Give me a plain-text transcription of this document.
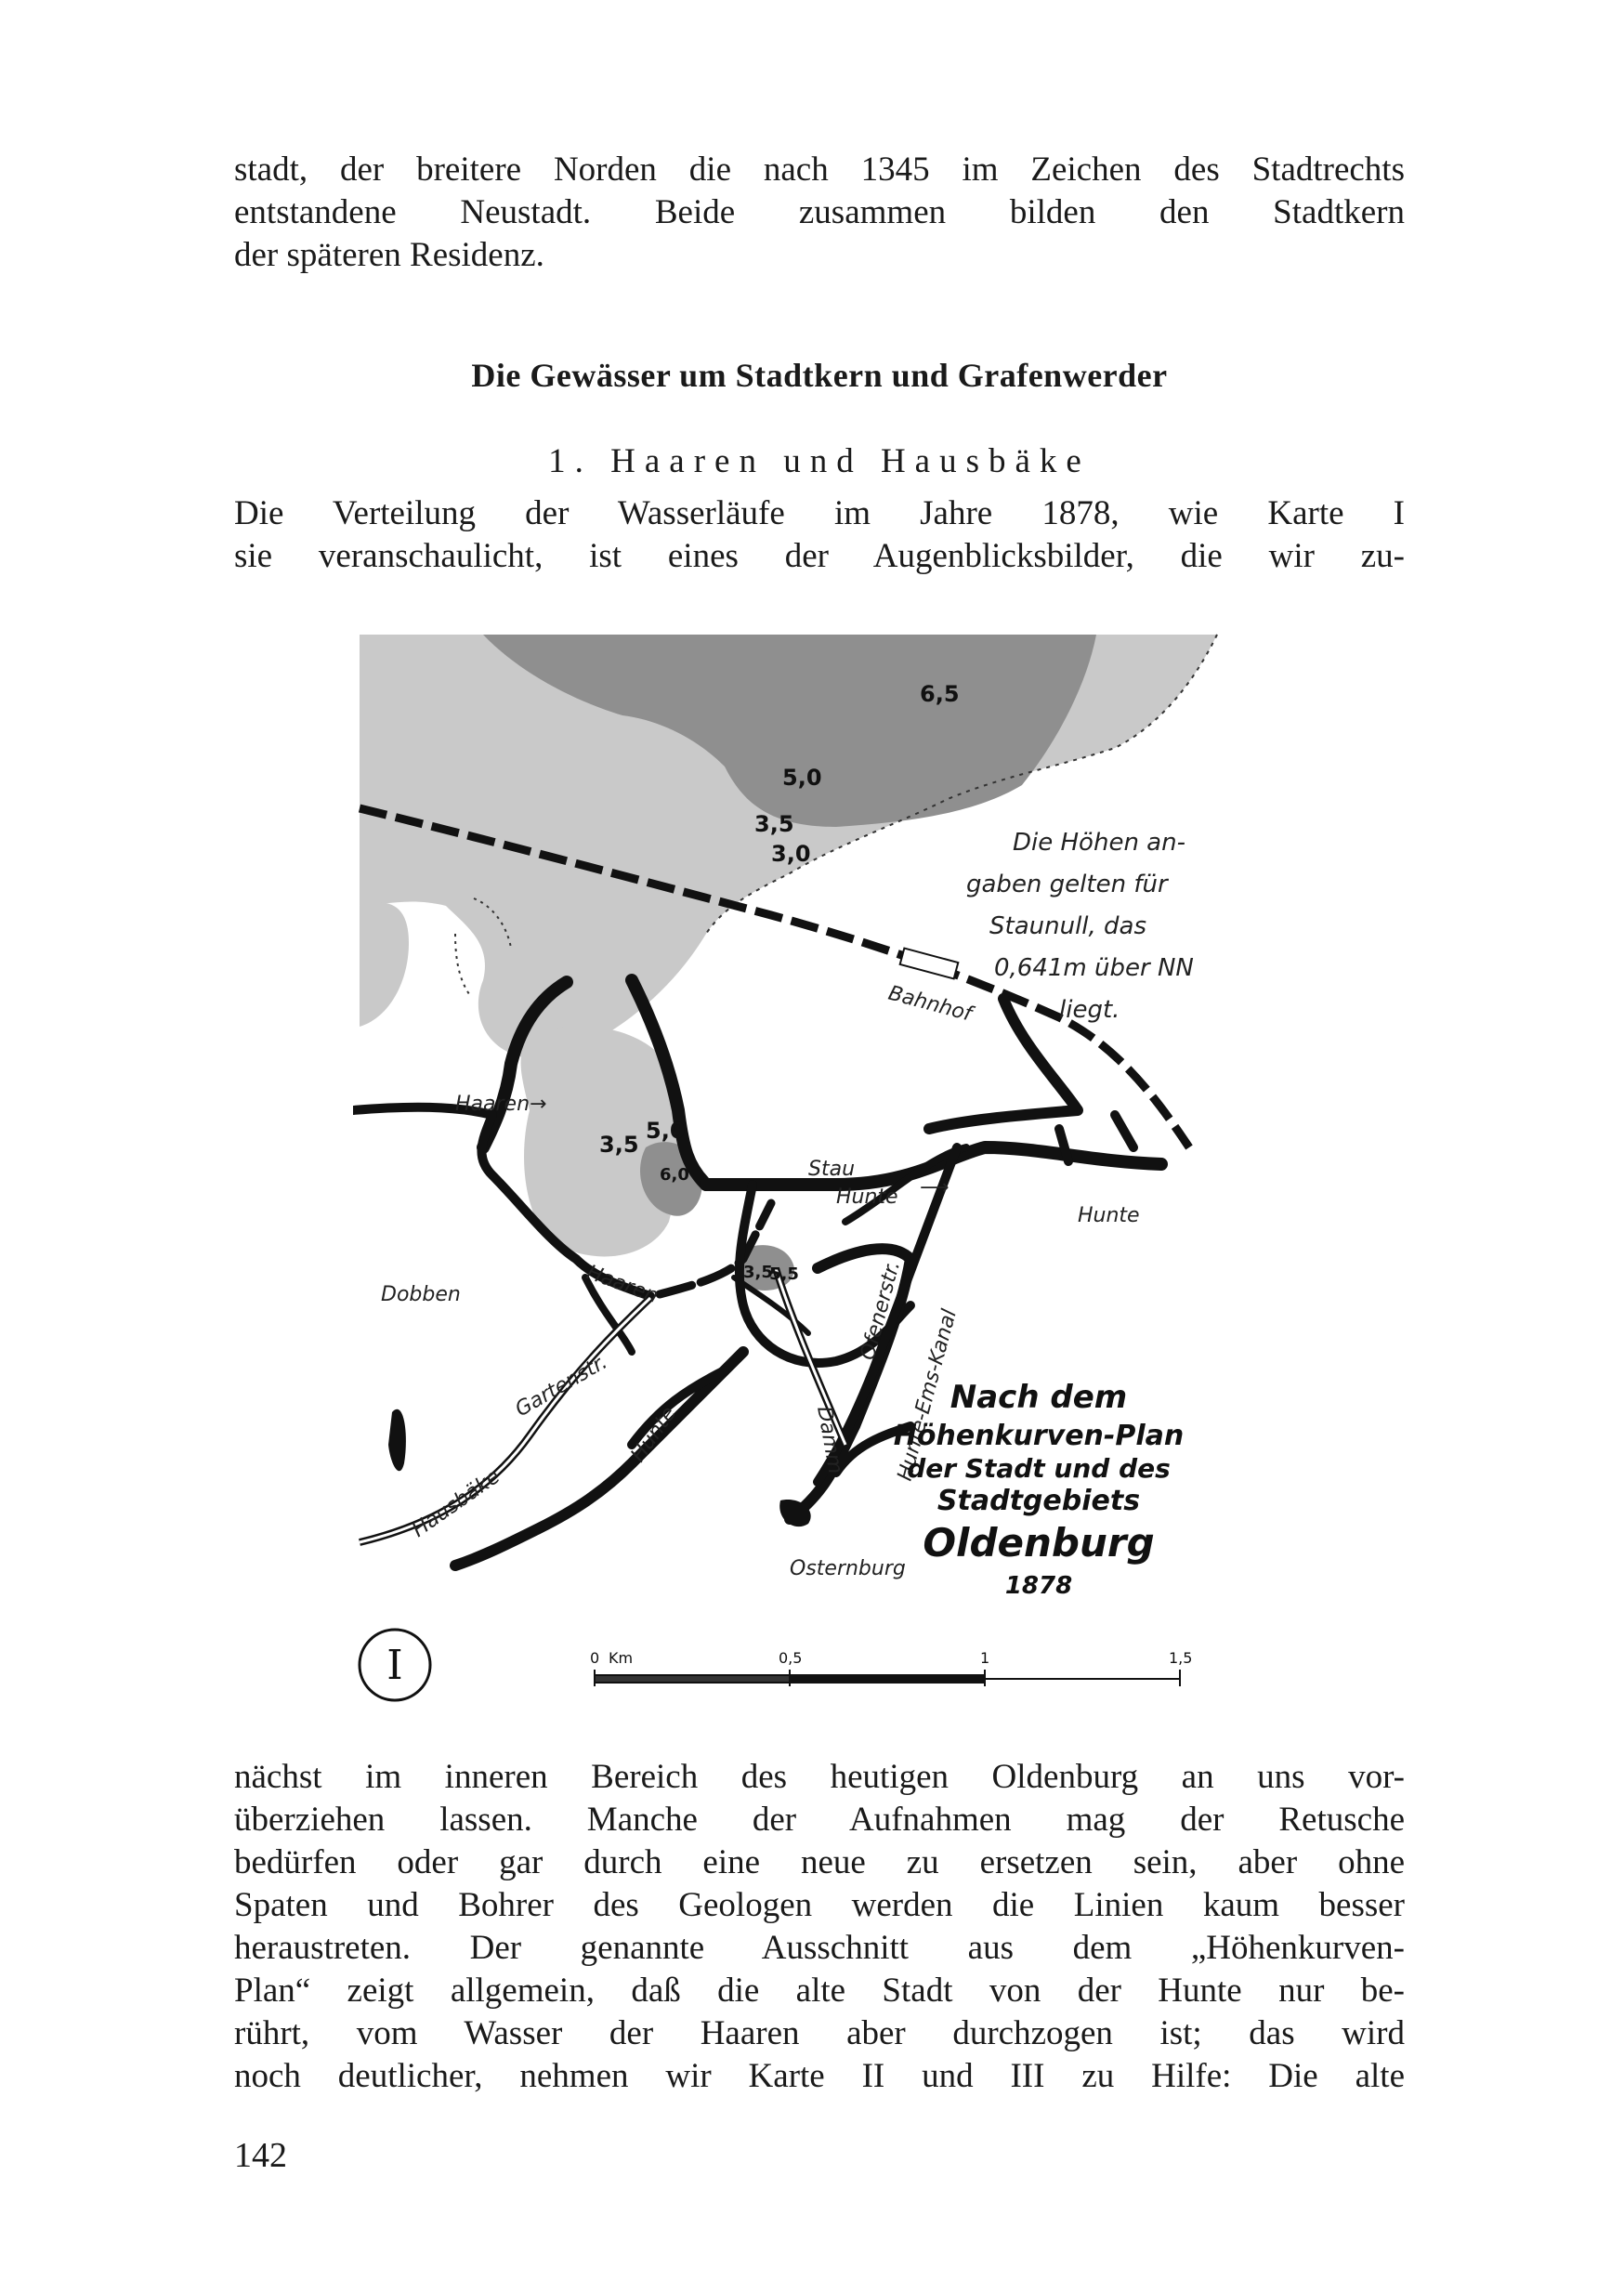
stadt, der breitere Norden die nach 1345 im Zeichen des Stadtrechts
entstandene Neustadt. Beide zusammen bilden den Stadtkern
der späteren Residenz.
Die Gewässer um Stadtkern und Grafenwerder
1. Haaren und Hausbäke
Die Verteilung der Wasserläufe im Jahre 1878, wie Karte I
sie veranschaulicht, ist eines der Augenblicksbilder, die wir zu-
6,5
5,0
3,5
3,0
3,5
5,0
6,0
3,5
5,5
Die Höhen an-
gaben gelten für
Staunull, das
0,641m über NN
liegt.
Bahnhof
Haaren→
Stau
Hunte ⟶
Hunte
Dobben	Haaren	Ofenerstr.
Gartenstr.
Damm Hunte-Ems-Kanal
Hunte
Hausbäke
Osternburg
Nach dem
Höhenkurven-Plan
der Stadt und des
Stadtgebiets
Oldenburg
1878
I	0 Km	0,5	1	1,5
nächst im inneren Bereich des heutigen Oldenburg an uns vor-
überziehen lassen. Manche der Aufnahmen mag der Retusche
bedürfen oder gar durch eine neue zu ersetzen sein, aber ohne
Spaten und Bohrer des Geologen werden die Linien kaum besser
heraustreten. Der genannte Ausschnitt aus dem „Höhenkurven-
Plan“ zeigt allgemein, daß die alte Stadt von der Hunte nur be-
rührt, vom Wasser der Haaren aber durchzogen ist; das wird
noch deutlicher, nehmen wir Karte II und III zu Hilfe: Die alte
142
